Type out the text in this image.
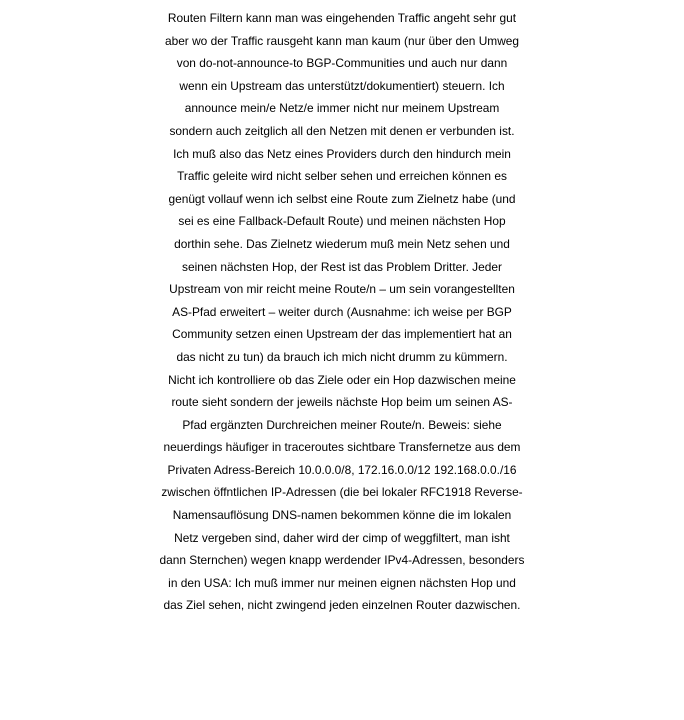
Routen Filtern kann man was eingehenden Traffic angeht sehr gut
aber wo der Traffic rausgeht kann man kaum (nur über den Umweg
von do-not-announce-to BGP-Communities und auch nur dann
wenn ein Upstream das unterstützt/dokumentiert) steuern. Ich
announce mein/e Netz/e immer nicht nur meinem Upstream
sondern auch zeitglich all den Netzen mit denen er verbunden ist.
Ich muß also das Netz eines Providers durch den hindurch mein
Traffic geleite wird nicht selber sehen und erreichen können es
genügt vollauf wenn ich selbst eine Route zum Zielnetz habe (und
sei es eine Fallback-Default Route) und meinen nächsten Hop
dorthin sehe. Das Zielnetz wiederum muß mein Netz sehen und
seinen nächsten Hop, der Rest ist das Problem Dritter. Jeder
Upstream von mir reicht meine Route/n – um sein vorangestellten
AS-Pfad erweitert – weiter durch (Ausnahme: ich weise per BGP
Community setzen einen Upstream der das implementiert hat an
das nicht zu tun) da brauch ich mich nicht drumm zu kümmern.
Nicht ich kontrolliere ob das Ziele oder ein Hop dazwischen meine
route sieht sondern der jeweils nächste Hop beim um seinen AS-
Pfad ergänzten Durchreichen meiner Route/n. Beweis: siehe
neuerdings häufiger in traceroutes sichtbare Transfernetze aus dem
Privaten Adress-Bereich 10.0.0.0/8, 172.16.0.0/12 192.168.0.0./16
zwischen öffntlichen IP-Adressen (die bei lokaler RFC1918 Reverse-
Namensauflösung DNS-namen bekommen könne die im lokalen
Netz vergeben sind, daher wird der cimp of weggfiltert, man isht
dann Sternchen) wegen knapp werdender IPv4-Adressen, besonders
in den USA: Ich muß immer nur meinen eignen nächsten Hop und
das Ziel sehen, nicht zwingend jeden einzelnen Router dazwischen.
